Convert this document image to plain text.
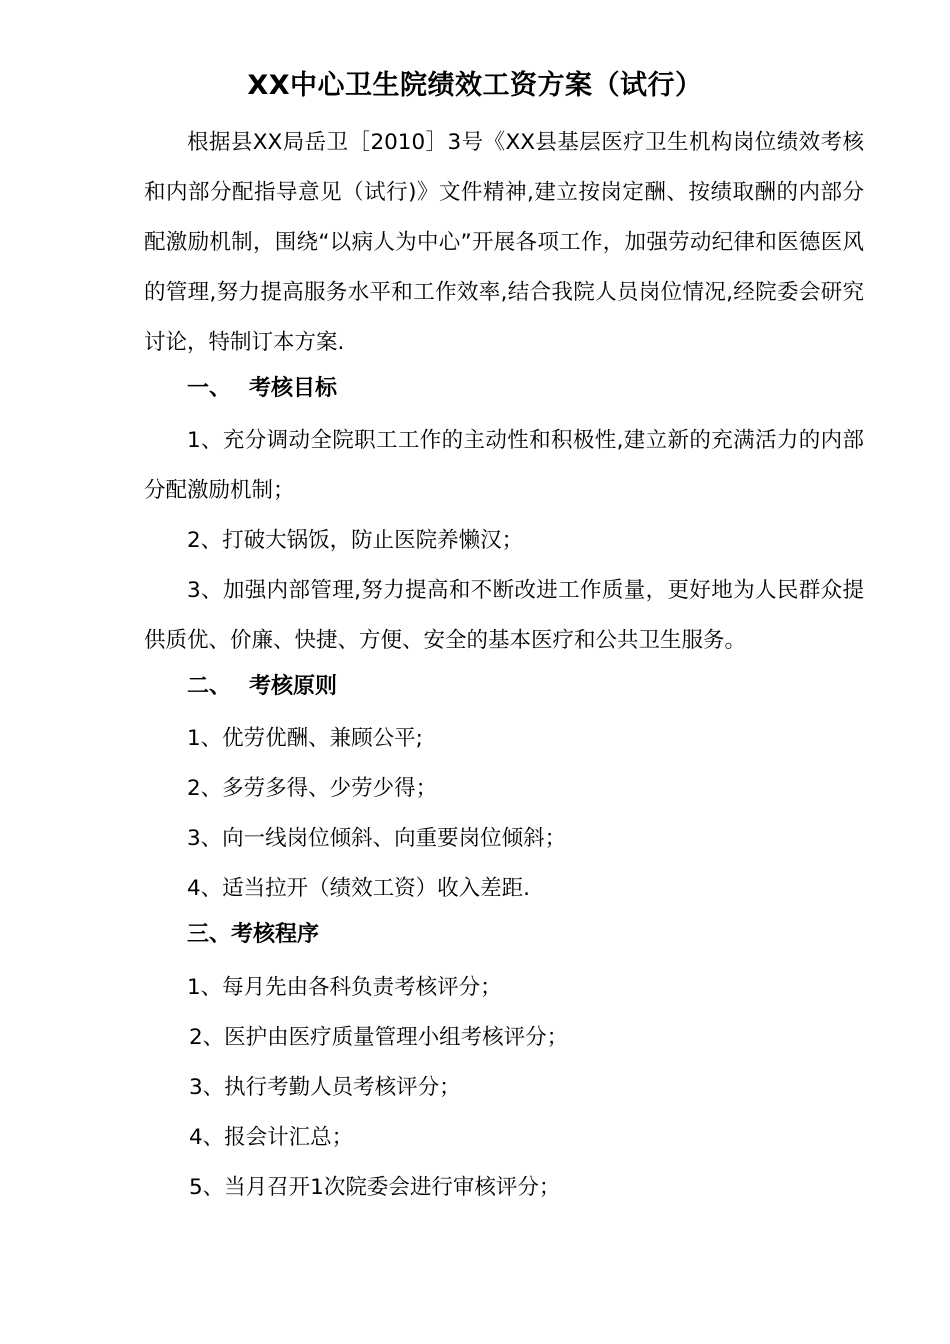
XX中心卫生院绩效工资方案（试行）

根据县XX局岳卫［2010］3号《XX县基层医疗卫生机构岗位绩效考核和内部分配指导意见（试行)》文件精神,建立按岗定酬、按绩取酬的内部分配激励机制，围绕“以病人为中心”开展各项工作，加强劳动纪律和医德医风的管理,努力提高服务水平和工作效率,结合我院人员岗位情况,经院委会研究讨论，特制订本方案.

一、 考核目标

1、充分调动全院职工工作的主动性和积极性,建立新的充满活力的内部分配激励机制；

2、打破大锅饭，防止医院养懒汉；

3、加强内部管理,努力提高和不断改进工作质量，更好地为人民群众提供质优、价廉、快捷、方便、安全的基本医疗和公共卫生服务。

二、 考核原则
1、优劳优酬、兼顾公平;
2、多劳多得、少劳少得；
3、向一线岗位倾斜、向重要岗位倾斜；
4、适当拉开（绩效工资）收入差距.
三、考核程序
1、每月先由各科负责考核评分；
2、医护由医疗质量管理小组考核评分；
3、执行考勤人员考核评分；
4、报会计汇总；
5、当月召开1次院委会进行审核评分；
